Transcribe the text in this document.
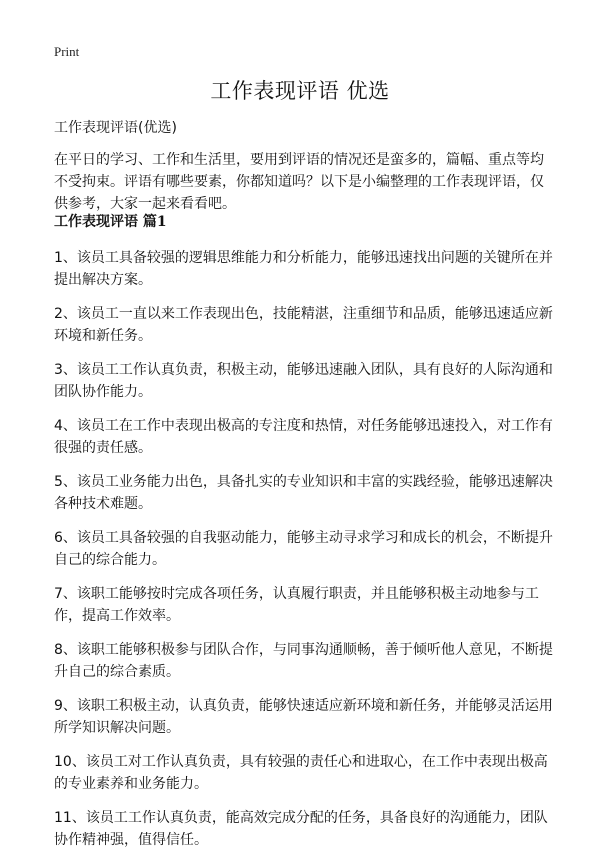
Print
工作表现评语 优选

工作表现评语(优选)

在平日的学习、工作和生活里，要用到评语的情况还是蛮多的，篇幅、重点等均不受拘束。评语有哪些要素，你都知道吗？以下是小编整理的工作表现评语，仅供参考，大家一起来看看吧。

工作表现评语 篇1
1、该员工具备较强的逻辑思维能力和分析能力，能够迅速找出问题的关键所在并提出解决方案。
2、该员工一直以来工作表现出色，技能精湛，注重细节和品质，能够迅速适应新环境和新任务。
3、该员工工作认真负责，积极主动，能够迅速融入团队，具有良好的人际沟通和团队协作能力。
4、该员工在工作中表现出极高的专注度和热情，对任务能够迅速投入，对工作有很强的责任感。
5、该员工业务能力出色，具备扎实的专业知识和丰富的实践经验，能够迅速解决各种技术难题。
6、该员工具备较强的自我驱动能力，能够主动寻求学习和成长的机会，不断提升自己的综合能力。
7、该职工能够按时完成各项任务，认真履行职责，并且能够积极主动地参与工作，提高工作效率。
8、该职工能够积极参与团队合作，与同事沟通顺畅，善于倾听他人意见，不断提升自己的综合素质。
9、该职工积极主动，认真负责，能够快速适应新环境和新任务，并能够灵活运用所学知识解决问题。
10、该员工对工作认真负责，具有较强的责任心和进取心，在工作中表现出极高的专业素养和业务能力。
11、该员工工作认真负责，能高效完成分配的任务，具备良好的沟通能力，团队协作精神强，值得信任。
